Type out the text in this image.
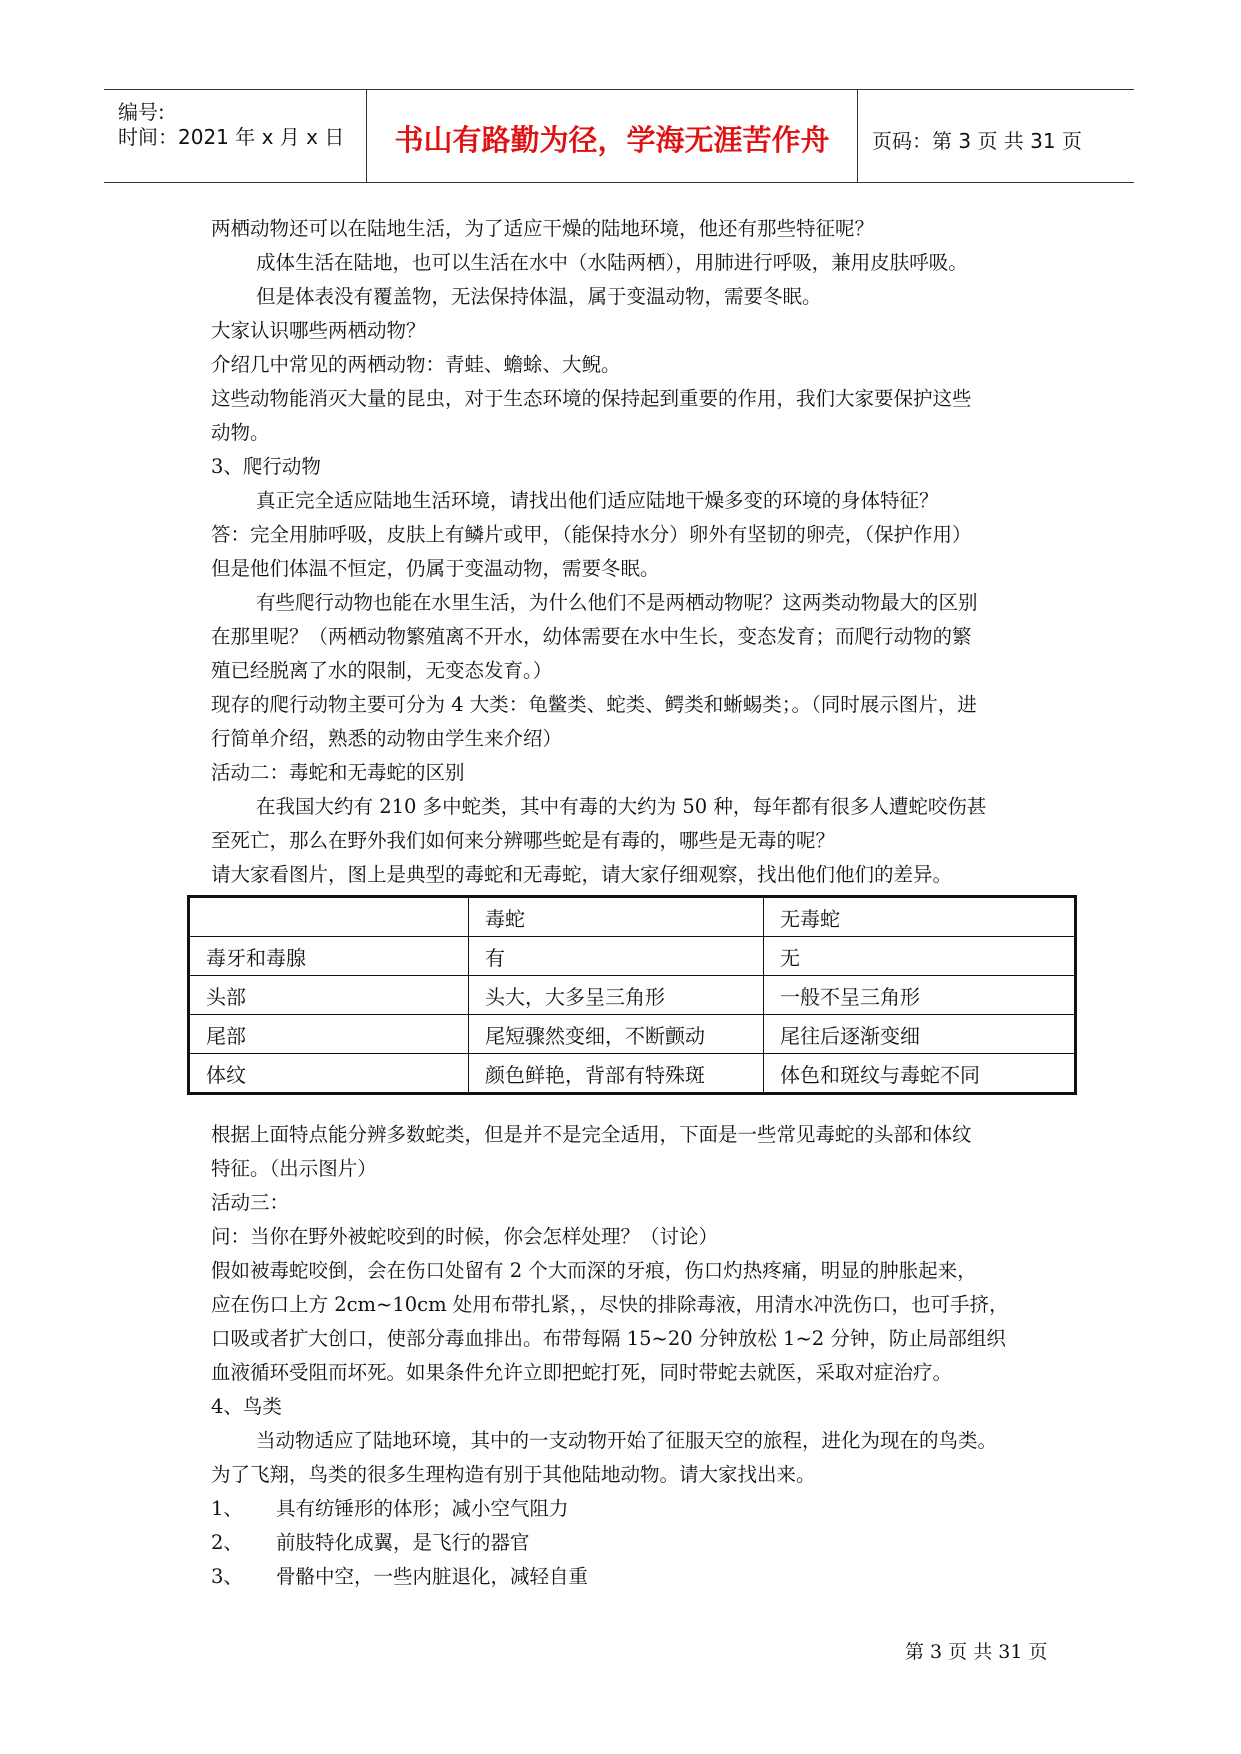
编号:
时间：2021 年 x 月 x 日	书山有路勤为径，学海无涯苦作舟	页码：第 3 页 共 31 页
两栖动物还可以在陆地生活，为了适应干燥的陆地环境，他还有那些特征呢？
成体生活在陆地，也可以生活在水中（水陆两栖），用肺进行呼吸，兼用皮肤呼吸。
但是体表没有覆盖物，无法保持体温，属于变温动物，需要冬眠。
大家认识哪些两栖动物？
介绍几中常见的两栖动物：青蛙、蟾蜍、大鲵。
这些动物能消灭大量的昆虫，对于生态环境的保持起到重要的作用，我们大家要保护这些
动物。
3、爬行动物
真正完全适应陆地生活环境，请找出他们适应陆地干燥多变的环境的身体特征？
答：完全用肺呼吸，皮肤上有鳞片或甲，（能保持水分）卵外有坚韧的卵壳，（保护作用）
但是他们体温不恒定，仍属于变温动物，需要冬眠。
有些爬行动物也能在水里生活，为什么他们不是两栖动物呢？这两类动物最大的区别
在那里呢？（两栖动物繁殖离不开水，幼体需要在水中生长，变态发育；而爬行动物的繁
殖已经脱离了水的限制，无变态发育。）
现存的爬行动物主要可分为 4 大类：龟鳖类、蛇类、鳄类和蜥蜴类；。（同时展示图片，进
行简单介绍，熟悉的动物由学生来介绍）
活动二：毒蛇和无毒蛇的区别
在我国大约有 210 多中蛇类，其中有毒的大约为 50 种，每年都有很多人遭蛇咬伤甚
至死亡，那么在野外我们如何来分辨哪些蛇是有毒的，哪些是无毒的呢？
请大家看图片，图上是典型的毒蛇和无毒蛇，请大家仔细观察，找出他们他们的差异。
	毒蛇	无毒蛇
毒牙和毒腺	有	无
头部	头大，大多呈三角形	一般不呈三角形
尾部	尾短骤然变细，不断颤动	尾往后逐渐变细
体纹	颜色鲜艳，背部有特殊斑	体色和斑纹与毒蛇不同
根据上面特点能分辨多数蛇类，但是并不是完全适用，下面是一些常见毒蛇的头部和体纹
特征。（出示图片）
活动三：
问：当你在野外被蛇咬到的时候，你会怎样处理？（讨论）
假如被毒蛇咬倒，会在伤口处留有 2 个大而深的牙痕，伤口灼热疼痛，明显的肿胀起来，
应在伤口上方 2cm~10cm 处用布带扎紧，，尽快的排除毒液，用清水冲洗伤口，也可手挤，
口吸或者扩大创口，使部分毒血排出。布带每隔 15~20 分钟放松 1~2 分钟，防止局部组织
血液循环受阻而坏死。如果条件允许立即把蛇打死，同时带蛇去就医，采取对症治疗。
4、鸟类
当动物适应了陆地环境，其中的一支动物开始了征服天空的旅程，进化为现在的鸟类。
为了飞翔，鸟类的很多生理构造有别于其他陆地动物。请大家找出来。
1、 具有纺锤形的体形；减小空气阻力
2、 前肢特化成翼，是飞行的器官
3、 骨骼中空，一些内脏退化，减轻自重
第 3 页 共 31 页
